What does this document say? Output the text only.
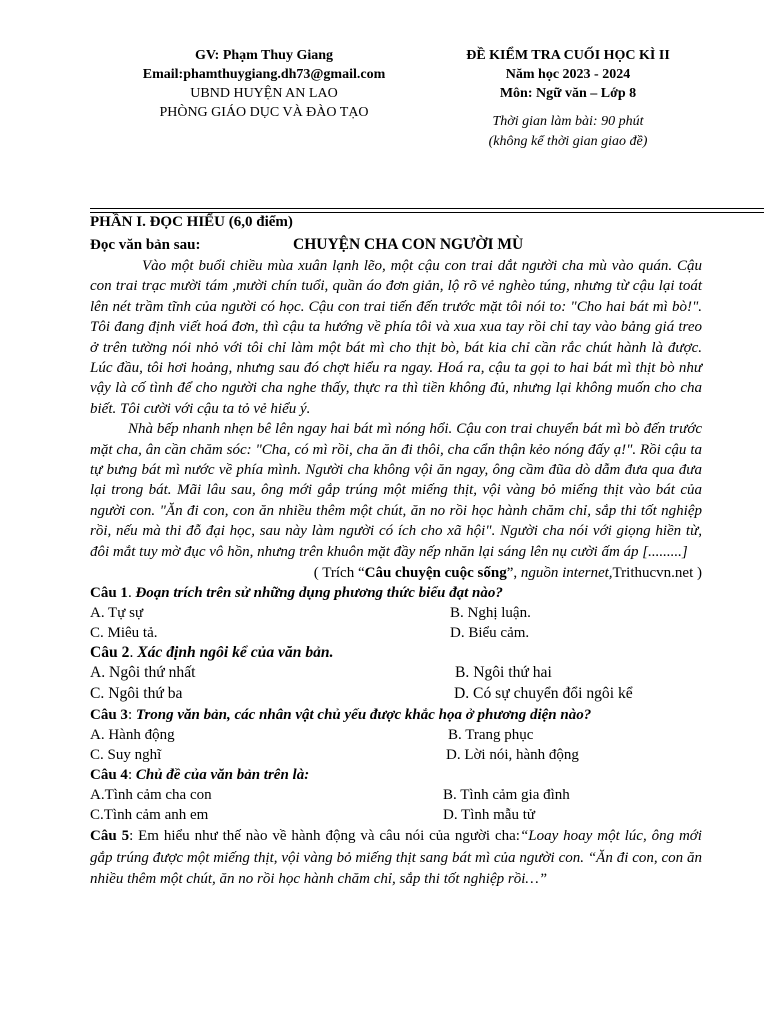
GV: Phạm Thuy Giang
Email:phamthuygiang.dh73@gmail.com
UBND HUYỆN AN LAO
PHÒNG GIÁO DỤC VÀ ĐÀO TẠO
ĐỀ KIỂM TRA CUỐI HỌC KÌ II
Năm học 2023 - 2024
Môn: Ngữ văn – Lớp 8
Thời gian làm bài: 90 phút
(không kể thời gian giao đề)
PHẦN I. ĐỌC HIỂU (6,0 điểm)
Đọc văn bản sau:	CHUYỆN CHA CON NGƯỜI MÙ

Vào một buổi chiều mùa xuân lạnh lẽo, một cậu con trai dắt người cha mù vào quán. Cậu con trai trạc mười tám ,mười chín tuổi, quần áo đơn giản, lộ rõ vẻ nghèo túng, nhưng từ cậu lại toát lên nét trầm tĩnh của người có học. Cậu con trai tiến đến trước mặt tôi nói to: "Cho hai bát mì bò!". Tôi đang định viết hoá đơn, thì cậu ta hướng về phía tôi và xua xua tay rồi chỉ tay vào bảng giá treo ở trên tường nói nhỏ với tôi chỉ làm một bát mì cho thịt bò, bát kia chỉ cần rắc chút hành là được. Lúc đầu, tôi hơi hoảng, nhưng sau đó chợt hiểu ra ngay. Hoá ra, cậu ta gọi to hai bát mì thịt bò như vậy là cố tình để cho người cha nghe thấy, thực ra thì tiền không đủ, nhưng lại không muốn cho cha biết. Tôi cười với cậu ta tỏ vẻ hiểu ý.

Nhà bếp nhanh nhẹn bê lên ngay hai bát mì nóng hổi. Cậu con trai chuyển bát mì bò đến trước mặt cha, ân cần chăm sóc: "Cha, có mì rồi, cha ăn đi thôi, cha cẩn thận kẻo nóng đấy ạ!". Rồi cậu ta tự bưng bát mì nước về phía mình. Người cha không vội ăn ngay, ông cầm đũa dò dẫm đưa qua đưa lại trong bát. Mãi lâu sau, ông mới gắp trúng một miếng thịt, vội vàng bỏ miếng thịt vào bát của người con. "Ăn đi con, con ăn nhiều thêm một chút, ăn no rồi học hành chăm chỉ, sắp thi tốt nghiệp rồi, nếu mà thi đỗ đại học, sau này làm người có ích cho xã hội". Người cha nói với giọng hiền từ, đôi mắt tuy mờ đục vô hồn, nhưng trên khuôn mặt đầy nếp nhăn lại sáng lên nụ cười ấm áp [.........]

( Trích “Câu chuyện cuộc sống”, nguồn internet,Trithucvn.net )
Câu 1. Đoạn trích trên sử những dụng phương thức biểu đạt nào?
A. Tự sự	B. Nghị luận.
C. Miêu tả.	D. Biểu cảm.
Câu 2. Xác định ngôi kể của văn bản.
A. Ngôi thứ nhất	B. Ngôi thứ hai
C. Ngôi thứ ba	D. Có sự chuyển đổi ngôi kể
Câu 3: Trong văn bản, các nhân vật chủ yếu được khắc họa ở phương diện nào?
A. Hành động	B. Trang phục
C. Suy nghĩ	D. Lời nói, hành động
Câu 4: Chủ đề của văn bản trên là:
A.Tình cảm cha con	B. Tình cảm gia đình
C.Tình cảm anh em	D. Tình mẫu tử
Câu 5: Em hiểu như thế nào về hành động và câu nói của người cha:“Loay hoay một lúc, ông mới gắp trúng được một miếng thịt, vội vàng bỏ miếng thịt sang bát mì của người con. “Ăn đi con, con ăn nhiều thêm một chút, ăn no rồi học hành chăm chỉ, sắp thi tốt nghiệp rồi…”
